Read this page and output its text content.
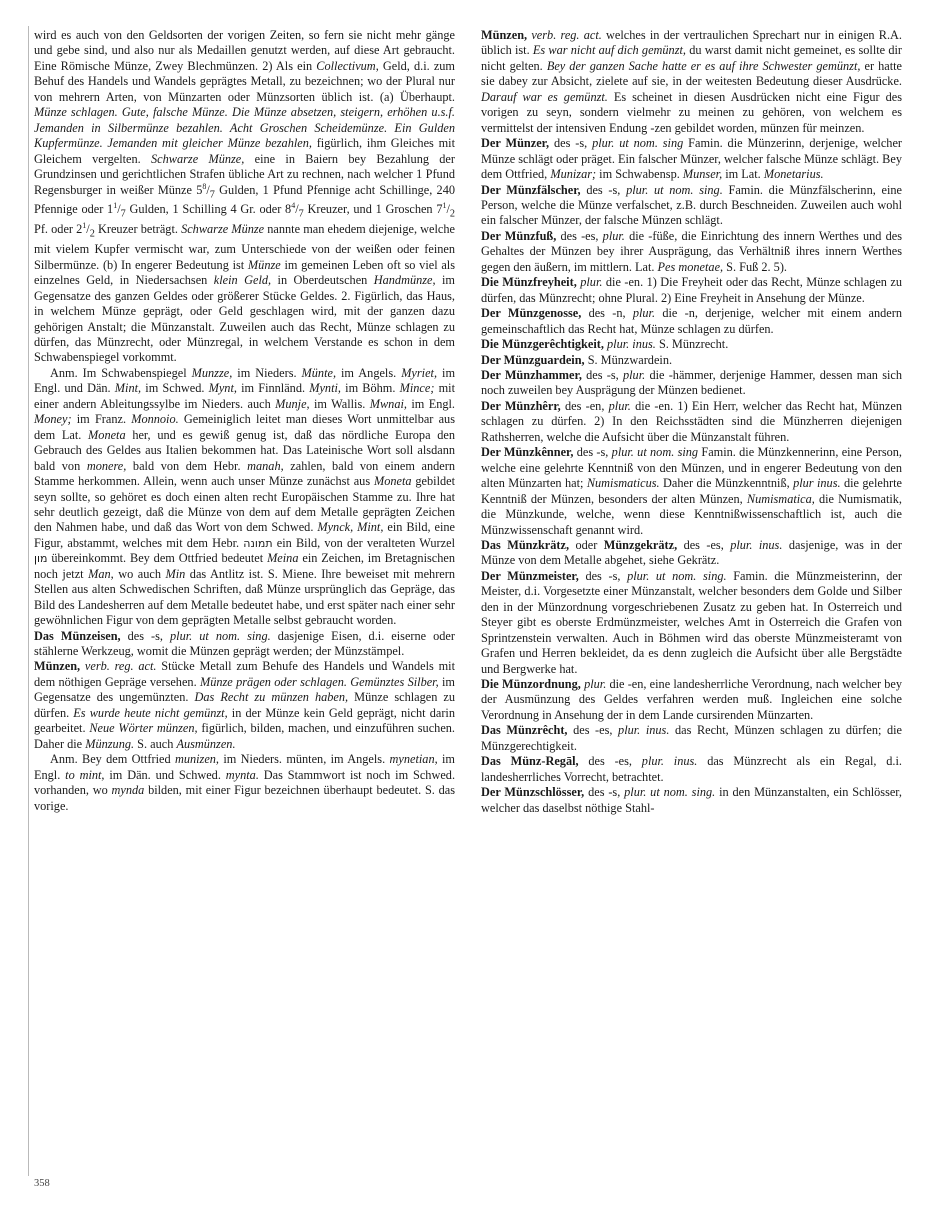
wird es auch von den Geldsorten der vorigen Zeiten, so fern sie nicht mehr gänge und gebe sind, und also nur als Medaillen genutzt werden, auf diese Art gebraucht. Eine Römische Münze, Zwey Blechmünzen. 2) Als ein Collectivum, Geld, d.i. zum Behuf des Handels und Wandels geprägtes Metall, zu bezeichnen; wo der Plural nur von mehrern Arten, von Münzarten oder Münzsorten üblich ist. (a) Überhaupt. Münze schlagen. Gute, falsche Münze. Die Münze absetzen, steigern, erhöhen u.s.f. Jemanden in Silbermünze bezahlen. Acht Groschen Scheidemünze. Ein Gulden Kupfermünze. Jemanden mit gleicher Münze bezahlen, figürlich, ihm Gleiches mit Gleichem vergelten. Schwarze Münze, eine in Baiern bey Bezahlung der Grundzinsen und gerichtlichen Strafen übliche Art zu rechnen, nach welcher 1 Pfund Regensburger in weißer Münze $5^8/_7$ Gulden, 1 Pfund Pfennige acht Schillinge, 240 Pfennige oder $1^1/_7$ Gulden, 1 Schilling 4 Gr. oder $8^4/_7$ Kreuzer, und 1 Groschen $7^1/_2$ Pf. oder $2^1/_2$ Kreuzer beträgt. Schwarze Münze nannte man ehedem diejenige, welche mit vielem Kupfer vermischt war, zum Unterschiede von der weißen oder feinen Silbermünze. (b) In engerer Bedeutung ist Münze im gemeinen Leben oft so viel als einzelnes Geld, in Niedersachsen klein Geld, in Oberdeutschen Handmünze, im Gegensatze des ganzen Geldes oder größerer Stücke Geldes. 2. Figürlich, das Haus, in welchem Münze geprägt, oder Geld geschlagen wird, mit der ganzen dazu gehörigen Anstalt; die Münzanstalt. Zuweilen auch das Recht, Münze schlagen zu dürfen, das Münzrecht, oder Münzregal, in welchem Verstande es schon in dem Schwabenspiegel vorkommt.

Anm. Im Schwabenspiegel Munzze, im Nieders. Münte, im Angels. Myriet, im Engl. und Dän. Mint, im Schwed. Mynt, im Finnländ. Mynti, im Böhm. Mince; mit einer andern Ableitungssylbe im Nieders. auch Munje, im Wallis. Mwnai, im Engl. Money; im Franz. Monnoio. Gemeiniglich leitet man dieses Wort unmittelbar aus dem Lat. Moneta her, und es gewiß genug ist, daß das nördliche Europa den Gebrauch des Geldes aus Italien bekommen hat. Das Lateinische Wort soll alsdann bald von monere, bald von dem Hebr. manah, zahlen, bald von einem andern Stamme herkommen. Allein, wenn auch unser Münze zunächst aus Moneta gebildet seyn sollte, so gehöret es doch einen alten recht Europäischen Stamme zu. Ihre hat sehr deutlich gezeigt, daß die Münze von dem auf dem Metalle geprägten Zeichen den Nahmen habe, und daß das Wort von dem Schwed. Mynck, Mint, ein Bild, eine Figur, abstammt, welches mit dem Hebr. תמונה ein Bild, von der veralteten Wurzel מון übereinkommt. Bey dem Ottfried bedeutet Meina ein Zeichen, im Bretagnischen noch jetzt Man, wo auch Min das Antlitz ist. S. Miene. Ihre beweiset mit mehrern Stellen aus alten Schwedischen Schriften, daß Münze ursprünglich das Gepräge, das Bild des Landesherren auf dem Metalle bedeutet habe, und erst später nach einer sehr gewöhnlichen Figur von dem geprägten Metalle selbst gebraucht worden.

Das Münzeisen, des -s, plur. ut nom. sing. dasjenige Eisen, d.i. eiserne oder stählerne Werkzeug, womit die Münzen geprägt werden; der Münzstämpel.

Münzen, verb. reg. act. Stücke Metall zum Behufe des Handels und Wandels mit dem nöthigen Gepräge versehen. Münze prägen oder schlagen. Gemünztes Silber, im Gegensatze des ungemünzten. Das Recht zu münzen haben, Münze schlagen zu dürfen. Es wurde heute nicht gemünzt, in der Münze kein Geld geprägt, nicht darin gearbeitet. Neue Wörter münzen, figürlich, bilden, machen, und einzuführen suchen. Daher die Münzung. S. auch Ausmünzen.

Anm. Bey dem Ottfried munizen, im Nieders. münten, im Angels. mynetian, im Engl. to mint, im Dän. und Schwed. mynta. Das Stammwort ist noch im Schwed. vorhanden, wo mynda bilden, mit einer Figur bezeichnen überhaupt bedeutet. S. das vorige.

Münzen, verb. reg. act. welches in der vertraulichen Sprechart nur in einigen R.A. üblich ist. Es war nicht auf dich gemünzt, du warst damit nicht gemeinet, es sollte dir nicht gelten. Bey der ganzen Sache hatte er es auf ihre Schwester gemünzt, er hatte sie dabey zur Absicht, zielete auf sie, in der weitesten Bedeutung dieser Ausdrücke. Darauf war es gemünzt. Es scheinet in diesen Ausdrücken nicht eine Figur des vorigen zu seyn, sondern vielmehr zu meinen zu gehören, von welchem es vermittelst der intensiven Endung -zen gebildet worden, münzen für meinzen.

Der Münzer, des -s, plur. ut nom. sing Famin. die Münzerinn, derjenige, welcher Münze schlägt oder präget. Ein falscher Münzer, welcher falsche Münze schlägt. Bey dem Ottfried, Munizar; im Schwabensp. Munser, im Lat. Monetarius.

Der Münzfälscher, des -s, plur. ut nom. sing. Famin. die Münzfälscherinn, eine Person, welche die Münze verfalschet, z.B. durch Beschneiden. Zuweilen auch wohl ein falscher Münzer, der falsche Münzen schlägt.

Der Münzfuß, des -es, plur. die -füße, die Einrichtung des innern Werthes und des Gehaltes der Münzen bey ihrer Ausprägung, das Verhältniß ihres innern Werthes gegen den äußern, im mittlern. Lat. Pes monetae, S. Fuß 2. 5).

Die Münzfreyheit, plur. die -en. 1) Die Freyheit oder das Recht, Münze schlagen zu dürfen, das Münzrecht; ohne Plural. 2) Eine Freyheit in Ansehung der Münze.

Der Münzgenosse, des -n, plur. die -n, derjenige, welcher mit einem andern gemeinschaftlich das Recht hat, Münze schlagen zu dürfen.

Die Münzgerêchtigkeit, plur. inus. S. Münzrecht.

Der Münzguardein, S. Münzwardein.

Der Münzhammer, des -s, plur. die -hämmer, derjenige Hammer, dessen man sich noch zuweilen bey Ausprägung der Münzen bedienet.

Der Münzhêrr, des -en, plur. die -en. 1) Ein Herr, welcher das Recht hat, Münzen schlagen zu dürfen. 2) In den Reichsstädten sind die Münzherren diejenigen Rathsherren, welche die Aufsicht über die Münzanstalt führen.

Der Münzkênner, des -s, plur. ut nom. sing Famin. die Münzkennerinn, eine Person, welche eine gelehrte Kenntniß von den Münzen, und in engerer Bedeutung von den alten Münzarten hat; Numismaticus. Daher die Münzkenntniß, plur inus. die gelehrte Kenntniß der Münzen, besonders der alten Münzen, Numismatica, die Numismatik, die Münzkunde, welche, wenn diese Kenntnißwissenschaftlich ist, auch die Münzwissenschaft genannt wird.

Das Münzkrätz, oder Münzgekrätz, des -es, plur. inus. dasjenige, was in der Münze von dem Metalle abgehet, siehe Gekrätz.

Der Münzmeister, des -s, plur. ut nom. sing. Famin. die Münzmeisterinn, der Meister, d.i. Vorgesetzte einer Münzanstalt, welcher besonders dem Golde und Silber den in der Münzordnung vorgeschriebenen Zusatz zu geben hat. In Osterreich und Steyer gibt es oberste Erdmünzmeister, welches Amt in Osterreich die Grafen von Sprintzenstein verwalten. Auch in Böhmen wird das oberste Münzmeisteramt von Grafen und Herren bekleidet, da es denn zugleich die Aufsicht über alle Bergstädte und Bergwerke hat.

Die Münzordnung, plur. die -en, eine landesherrliche Verordnung, nach welcher bey der Ausmünzung des Geldes verfahren werden muß. Ingleichen eine solche Verordnung in Ansehung der in dem Lande cursirenden Münzarten.

Das Münzrêcht, des -es, plur. inus. das Recht, Münzen schlagen zu dürfen; die Münzgerechtigkeit.

Das Münz-Regāl, des -es, plur. inus. das Münzrecht als ein Regal, d.i. landesherrliches Vorrecht, betrachtet.

Der Münzschlösser, des -s, plur. ut nom. sing. in den Münzanstalten, ein Schlösser, welcher das daselbst nöthige Stahl-

358
